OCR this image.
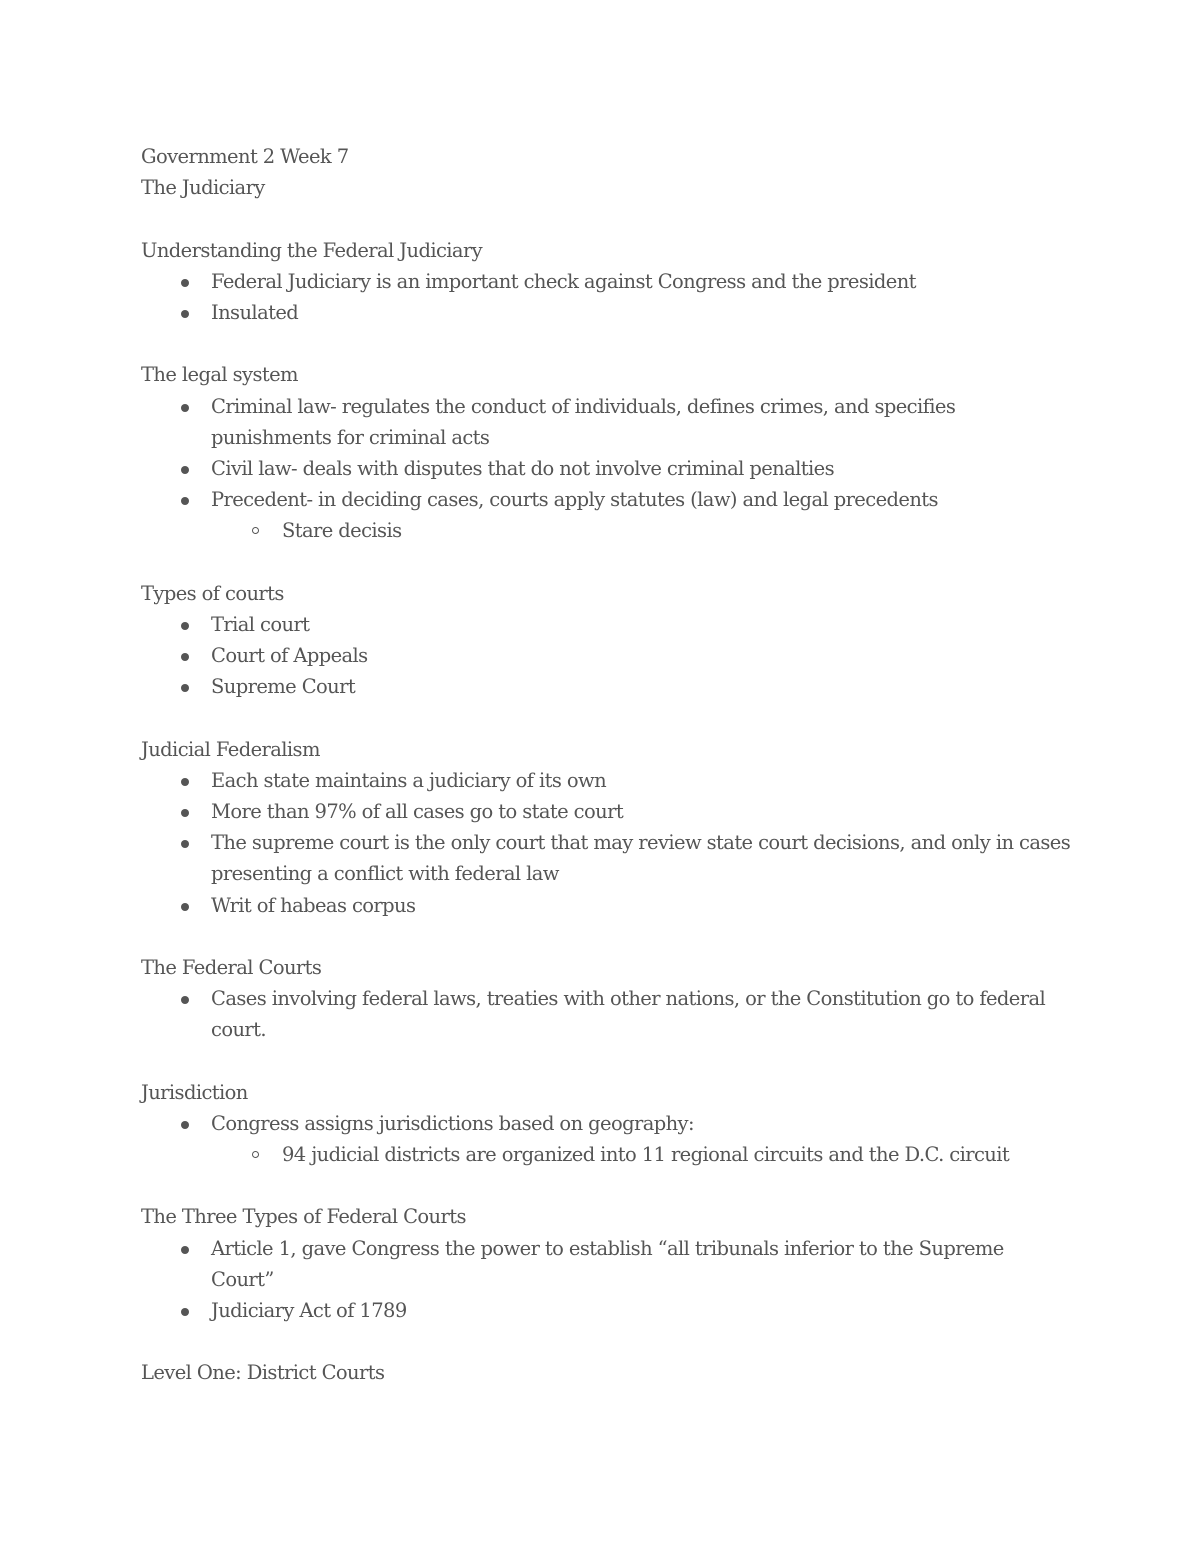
Government 2 Week 7
The Judiciary
Understanding the Federal Judiciary
Federal Judiciary is an important check against Congress and the president
Insulated
The legal system
Criminal law- regulates the conduct of individuals, defines crimes, and specifies punishments for criminal acts
Civil law- deals with disputes that do not involve criminal penalties
Precedent- in deciding cases, courts apply statutes (law) and legal precedents
Stare decisis
Types of courts
Trial court
Court of Appeals
Supreme Court
Judicial Federalism
Each state maintains a judiciary of its own
More than 97% of all cases go to state court
The supreme court is the only court that may review state court decisions, and only in cases presenting a conflict with federal law
Writ of habeas corpus
The Federal Courts
Cases involving federal laws, treaties with other nations, or the Constitution go to federal court.
Jurisdiction
Congress assigns jurisdictions based on geography:
94 judicial districts are organized into 11 regional circuits and the D.C. circuit
The Three Types of Federal Courts
Article 1, gave Congress the power to establish “all tribunals inferior to the Supreme Court”
Judiciary Act of 1789
Level One: District Courts
